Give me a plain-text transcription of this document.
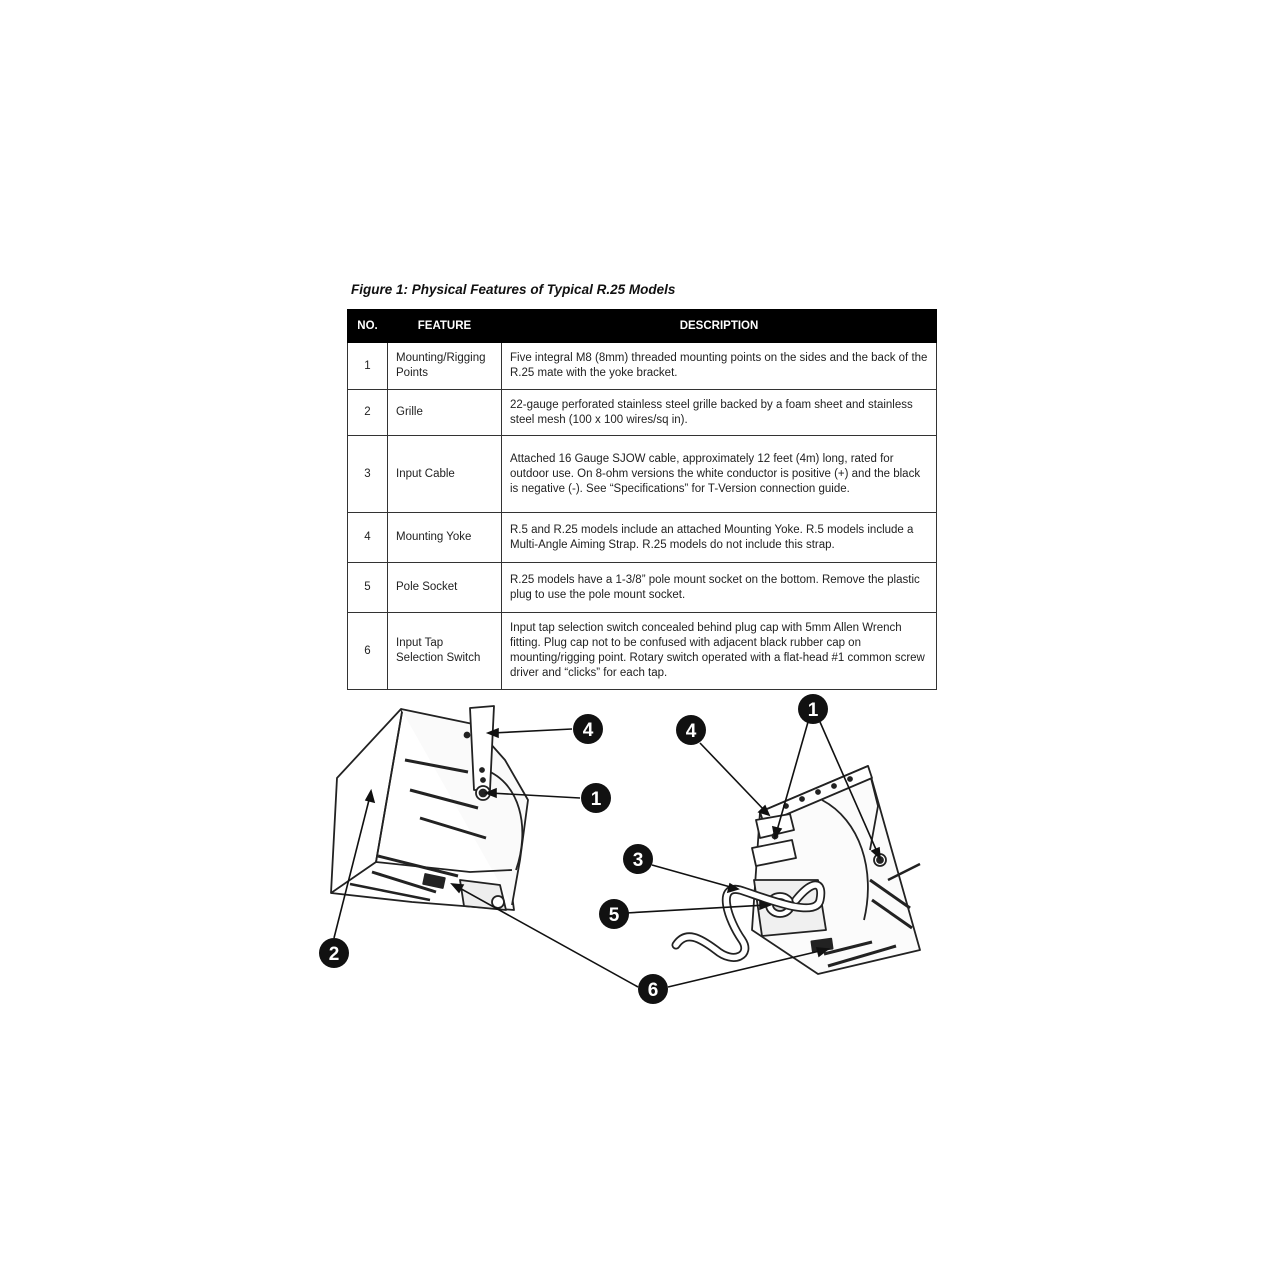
Figure 1: Physical Features of Typical R.25 Models
NO.	FEATURE	DESCRIPTION
1	Mounting/Rigging Points	Five integral M8 (8mm) threaded mounting points on the sides and the back of the R.25 mate with the yoke bracket.
2	Grille	22-gauge perforated stainless steel grille backed by a foam sheet and stainless steel mesh (100 x 100 wires/sq in).
3	Input Cable	Attached 16 Gauge SJOW cable, approximately 12 feet (4m) long, rated for outdoor use. On 8-ohm versions the white conductor is positive (+) and the black is negative (-). See “Specifications” for T-Version connection guide.
4	Mounting Yoke	R.5 and R.25 models include an attached Mounting Yoke. R.5 models include a Multi-Angle Aiming Strap. R.25 models do not include this strap.
5	Pole Socket	R.25 models have a 1-3/8” pole mount socket on the bottom. Remove the plastic plug to use the pole mount socket.
6	Input Tap Selection Switch	Input tap selection switch concealed behind plug cap with 5mm Allen Wrench fitting. Plug cap not to be confused with adjacent black rubber cap on mounting/rigging point. Rotary switch operated with a flat-head #1 common screw driver and “clicks” for each tap.
4
1
2
6
1
4
3
5
